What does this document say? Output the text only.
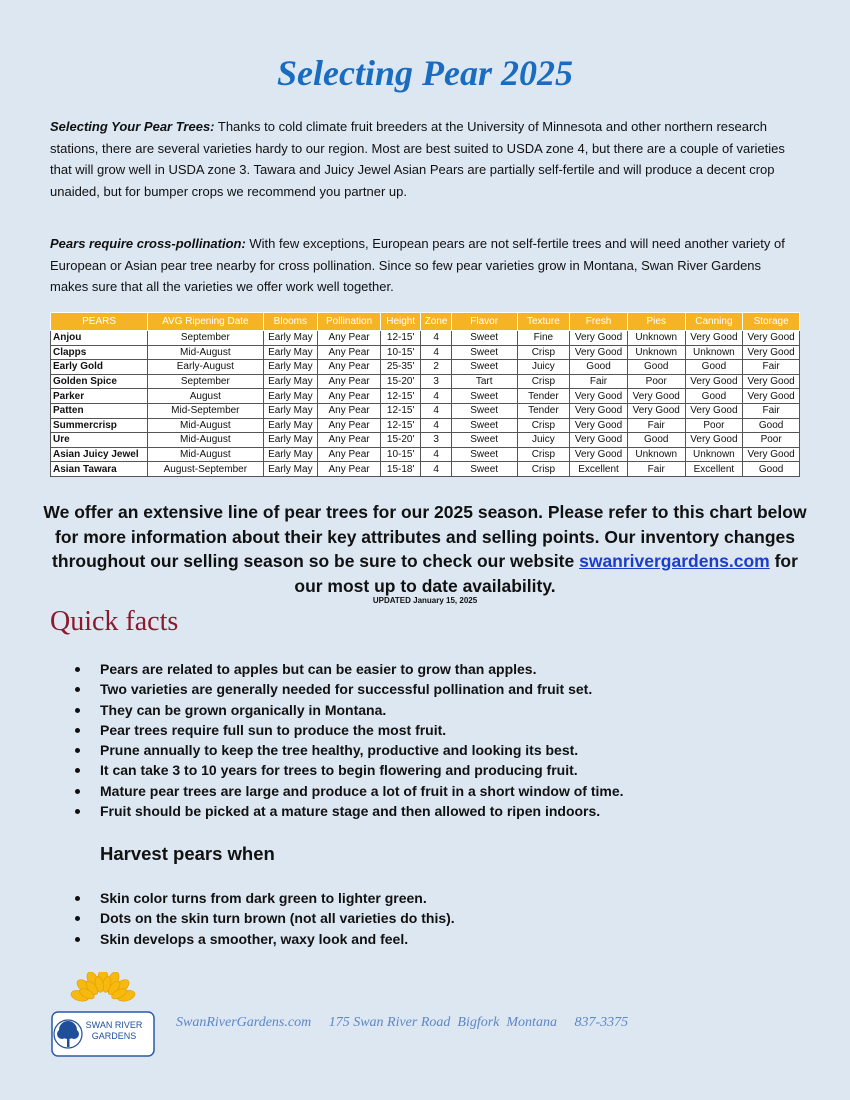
Selecting Pear 2025

Selecting Your Pear Trees: Thanks to cold climate fruit breeders at the University of Minnesota and other northern research stations, there are several varieties hardy to our region. Most are best suited to USDA zone 4, but there are a couple of varieties that will grow well in USDA zone 3. Tawara and Juicy Jewel Asian Pears are partially self-fertile and will produce a decent crop unaided, but for bumper crops we recommend you partner up.

Pears require cross-pollination: With few exceptions, European pears are not self-fertile trees and will need another variety of European or Asian pear tree nearby for cross pollination. Since so few pear varieties grow in Montana, Swan River Gardens makes sure that all the varieties we offer work well together.

PEARS	AVG Ripening Date	Blooms	Pollination	Height	Zone	Flavor	Texture	Fresh	Pies	Canning	Storage
Anjou	September	Early May	Any Pear	12-15'	4	Sweet	Fine	Very Good	Unknown	Very Good	Very Good
Clapps	Mid-August	Early May	Any Pear	10-15'	4	Sweet	Crisp	Very Good	Unknown	Unknown	Very Good
Early Gold	Early-August	Early May	Any Pear	25-35'	2	Sweet	Juicy	Good	Good	Good	Fair
Golden Spice	September	Early May	Any Pear	15-20'	3	Tart	Crisp	Fair	Poor	Very Good	Very Good
Parker	August	Early May	Any Pear	12-15'	4	Sweet	Tender	Very Good	Very Good	Good	Very Good
Patten	Mid-September	Early May	Any Pear	12-15'	4	Sweet	Tender	Very Good	Very Good	Very Good	Fair
Summercrisp	Mid-August	Early May	Any Pear	12-15'	4	Sweet	Crisp	Very Good	Fair	Poor	Good
Ure	Mid-August	Early May	Any Pear	15-20'	3	Sweet	Juicy	Very Good	Good	Very Good	Poor
Asian Juicy Jewel	Mid-August	Early May	Any Pear	10-15'	4	Sweet	Crisp	Very Good	Unknown	Unknown	Very Good
Asian Tawara	August-September	Early May	Any Pear	15-18'	4	Sweet	Crisp	Excellent	Fair	Excellent	Good

We offer an extensive line of pear trees for our 2025 season. Please refer to this chart below for more information about their key attributes and selling points. Our inventory changes throughout our selling season so be sure to check our website swanrivergardens.com for our most up to date availability.

UPDATED January 15, 2025
Quick facts
Pears are related to apples but can be easier to grow than apples.
Two varieties are generally needed for successful pollination and fruit set.
They can be grown organically in Montana.
Pear trees require full sun to produce the most fruit.
Prune annually to keep the tree healthy, productive and looking its best.
It can take 3 to 10 years for trees to begin flowering and producing fruit.
Mature pear trees are large and produce a lot of fruit in a short window of time.
Fruit should be picked at a mature stage and then allowed to ripen indoors.
Harvest pears when
Skin color turns from dark green to lighter green.
Dots on the skin turn brown (not all varieties do this).
Skin develops a smoother, waxy look and feel.
SWAN RIVER
GARDENS
SwanRiverGardens.com 175 Swan River Road  Bigfork  Montana 837-3375
